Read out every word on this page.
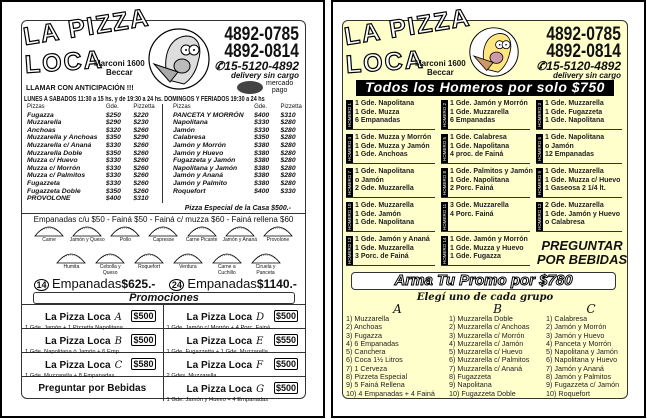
LA PIZZA
LOCA
Marconi 1600
Beccar
4892-0785
4892-0814
✆15-5120-4892
delivery sin cargo
mercado
pago
LLAMAR CON ANTICIPACIÓN !!!
LUNES A SABADOS 11:30 a 15 hs. y de 19:30 a 24 hs. DOMINGOS Y FERIADOS 19:30 a 24 hs
Pizzas	Gde.	Pizzetta
Fugazza	$250	$220
Muzzarella	$290	$230
Anchoas	$320	$260
Muzzarella y Anchoas	$350	$290
Muzzarella c/ Ananá	$330	$260
Muzzarella Doble	$350	$260
Muzza c/ Huevo	$330	$260
Muzza c/ Morrón	$330	$260
Muzza c/ Palmitos	$330	$260
Fugazzeta	$330	$260
Fugazzeta Doble	$350	$260
PROVOLONE	$400	$310
Pizzas	Gde.	Pizzetta
PANCETA Y MORRÓN	$400	$310
Napolitana	$330	$280
Jamón	$330	$280
Calabresa	$350	$280
Jamón y Morrón	$380	$280
Jamón y Huevo	$380	$280
Fugazzeta y Jamón	$380	$280
Napolitana y Jamón	$380	$280
Jamón y Ananá	$380	$280
Jamón y Palmito	$380	$280
Roquefort	$400	$330
Pizza Especial de la Casa $500.-
Empanadas c/u $50 - Fainá $50 - Fainá c/ muzza $60 - Fainá rellena $60
Carne	Jamón y Queso	Pollo	Capresse Carne Picante Jamón y Ananá Provolone
Humita	Cebolla y Queso
Roquefort	Verdura	Carne a Cuchillo
Ciruela y Panceta
14 Empanadas$625.- 24 Empanadas$1140.-
Promociones
La Pizza Loca A $500
1 Gde. Jamón + 1 Pizzetta Napolitana
La Pizza Loca D $500
1 Gde. Jamón c/ Morrón + 4 Porc. Fainá
La Pizza Loca B $500
1 Gde. Napolitana ó Jamón + 6 Emp.
La Pizza Loca E $550
1 Gde. Fugazzetta + 1 Gde. Muzzarella
La Pizza Loca C $580
1 Gde. Muzzarella + 8 Empanadas
La Pizza Loca F $500
2 Gdes. Muzzarella
Preguntar por Bebidas	La Pizza Loca G $500
1 Gde. Jamón y Huevo + 4 Empanadas
LA PIZZA
LOCA
Marconi 1600
Beccar
4892-0785
4892-0814
✆15-5120-4892
delivery sin cargo
Todos los Homeros por solo $750
HOMERO 1 1 Gde. Napolitana
1 Gde. Muzza
6 Empanadas	HOMERO 2 1 Gde. Jamón y Morrón
1 Gde. Muzzarella
6 Empanadas	HOMERO 3 1 Gde. Muzzarella
1 Gde. Fugazzeta
1 Gde. Napolitana
HOMERO 4 1 Gde. Muzza y Morrón
1 Gde. Muzza y Jamón
1 Gde. Anchoas	HOMERO 5 1 Gde. Calabresa
1 Gde. Napolitana
4 proc. de Fainá	HOMERO 6 1 Gde. Napolitana
o Jamón
12 Empanadas
HOMERO 7 1 Gde. Napolitana
o Jamón
2 Gde. Muzzarella	HOMERO 8 1 Gde. Palmitos y Jamón
1 Gde. Napolitana
2 Porc. Fainá	HOMERO 9 1 Gde. Muzzarella
1 Gde. Muzza c/ Huevo
1 Gaseosa 2 1/4 lt.
HOMERO 10 1 Gde. Muzzarella
1 Gde. Jamón
1 Gde. Napolitana	HOMERO 11 3 Gde. Muzzarella
4 Porc. Fainá	HOMERO 12 2 Gde. Muzzarella
1 Gde. Jamón y Huevo
o Calabresa
HOMERO 13 1 Gde. Jamón y Ananá
1 Gde. Muzzarella
3 Porc. de Fainá	HOMERO 14 1 Gde. Jamón y Morrón
1 Gde. Muzza y Huevo
1 Gde. Fugazza
PREGUNTAR
POR BEBIDAS
Arma Tu Promo por $780
Elegí uno de cada grupo
A
1) Muzzarella
2) Anchoas
3) Fugazza
4) 6 Empanadas
5) Canchera
6) Coca 1½ Litros
7) 1 Cerveza
8) Pizzeta Especial
9) 5 Fainá Rellena
10) 4 Empanadas + 4 Fainá
B
1) Muzzarella Doble
2) Muzzarella c/ Anchoas
3) Muzzarella c/ Morrón
4) Muzzarella c/ Jamón
5) Muzzarella c/ Huevo
6) Muzzarella c/ Palmitos
7) Muzzarella c/ Ananá
8) Fugazzeta
9) Napolitana
10) Fugazzeta Doble
C
1) Calabresa
2) Jamón y Morrón
3) Jamón y Huevo
4) Panceta y Morrón
5) Napolitana y Jamón
6) Napolitana y Huevo
7) Jamón y Ananá
8) Jamón y Palmitos
9) Fugazzeta c/ Jamón
10) Roquefort
